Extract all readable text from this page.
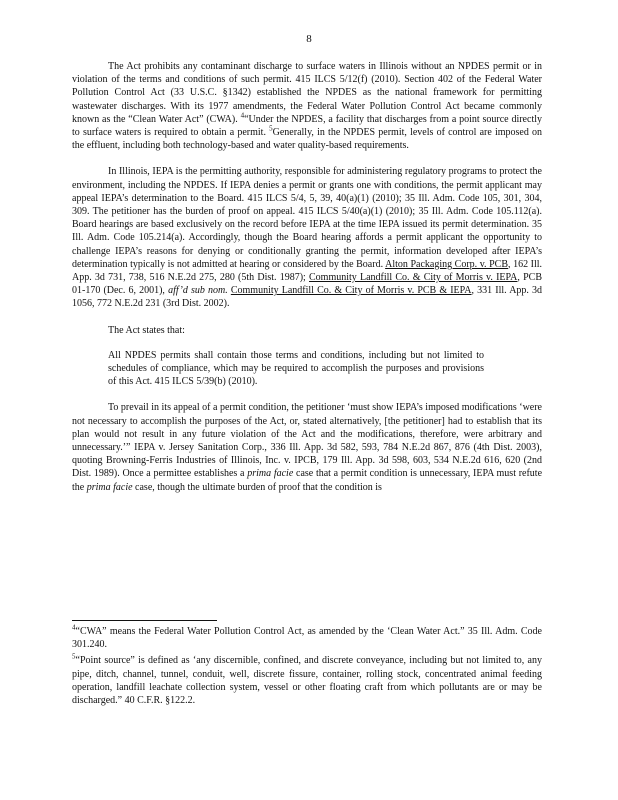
8

The Act prohibits any contaminant discharge to surface waters in Illinois without an NPDES permit or in violation of the terms and conditions of such permit. 415 ILCS 5/12(f) (2010). Section 402 of the Federal Water Pollution Control Act (33 U.S.C. §1342) established the NPDES as the national framework for permitting wastewater discharges. With its 1977 amendments, the Federal Water Pollution Control Act became commonly known as the “Clean Water Act” (CWA). $^4$“Under the NPDES, a facility that discharges from a point source directly to surface waters is required to obtain a permit. $^5$Generally, in the NPDES permit, levels of control are imposed on the effluent, including both technology-based and water quality-based requirements.

In Illinois, IEPA is the permitting authority, responsible for administering regulatory programs to protect the environment, including the NPDES. If IEPA denies a permit or grants one with conditions, the permit applicant may appeal IEPA’s determination to the Board. 415 ILCS 5/4, 5, 39, 40(a)(1) (2010); 35 Ill. Adm. Code 105, 301, 304, 309. The petitioner has the burden of proof on appeal. 415 ILCS 5/40(a)(1) (2010); 35 Ill. Adm. Code 105.112(a). Board hearings are based exclusively on the record before IEPA at the time IEPA issued its permit determination. 35 Ill. Adm. Code 105.214(a). Accordingly, though the Board hearing affords a permit applicant the opportunity to challenge IEPA’s reasons for denying or conditionally granting the permit, information developed after IEPA’s determination typically is not admitted at hearing or considered by the Board. Alton Packaging Corp. v. PCB, 162 Ill. App. 3d 731, 738, 516 N.E.2d 275, 280 (5th Dist. 1987); Community Landfill Co. & City of Morris v. IEPA, PCB 01-170 (Dec. 6, 2001), aff’d sub nom. Community Landfill Co. & City of Morris v. PCB & IEPA, 331 Ill. App. 3d 1056, 772 N.E.2d 231 (3rd Dist. 2002).

The Act states that:

All NPDES permits shall contain those terms and conditions, including but not limited to schedules of compliance, which may be required to accomplish the purposes and provisions of this Act. 415 ILCS 5/39(b) (2010).

To prevail in its appeal of a permit condition, the petitioner ‘must show IEPA’s imposed modifications ‘were not necessary to accomplish the purposes of the Act, or, stated alternatively, [the petitioner] had to establish that its plan would not result in any future violation of the Act and the modifications, therefore, were arbitrary and unnecessary.’” IEPA v. Jersey Sanitation Corp., 336 Ill. App. 3d 582, 593, 784 N.E.2d 867, 876 (4th Dist. 2003), quoting Browning-Ferris Industries of Illinois, Inc. v. IPCB, 179 Ill. App. 3d 598, 603, 534 N.E.2d 616, 620 (2nd Dist. 1989). Once a permittee establishes a prima facie case that a permit condition is unnecessary, IEPA must refute the prima facie case, though the ultimate burden of proof that the condition is

$^4$“CWA” means the Federal Water Pollution Control Act, as amended by the ‘Clean Water Act.” 35 Ill. Adm. Code 301.240.

$^5$“Point source” is defined as ‘any discernible, confined, and discrete conveyance, including but not limited to, any pipe, ditch, channel, tunnel, conduit, well, discrete fissure, container, rolling stock, concentrated animal feeding operation, landfill leachate collection system, vessel or other floating craft from which pollutants are or may be discharged.” 40 C.F.R. §122.2.
